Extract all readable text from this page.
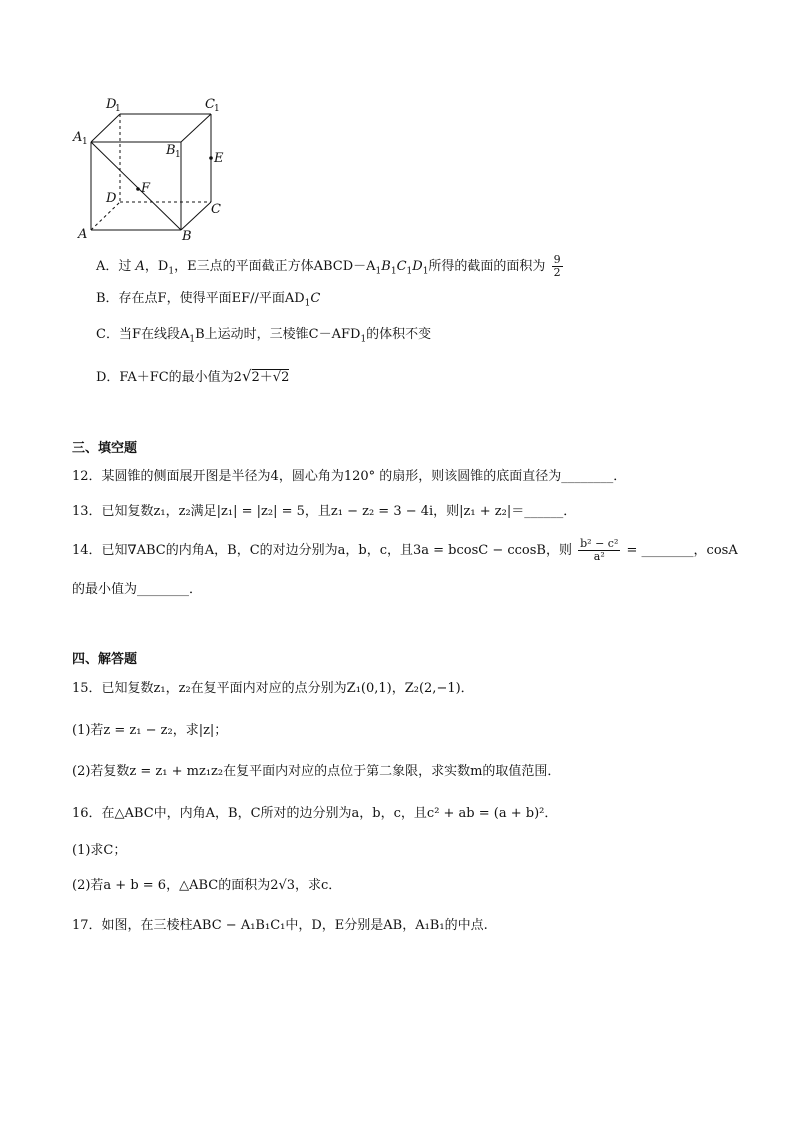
D
1	C 1
A 1
B 1	E
F
D
C
A	B
A．过 A，$D_1$，E三点的平面截正方体$ABCD-A_1B_1C_1D_1$所得的截面的面积为 $\frac{9}{2}$
B．存在点F，使得平面EF//平面$AD_1C$
C．当F在线段$A_1B$上运动时，三棱锥$C-AFD_1$的体积不变
D．FA＋FC的最小值为2√2＋√2
三、填空题
12．某圆锥的侧面展开图是半径为4，圆心角为120° 的扇形，则该圆锥的底面直径为________．
13．已知复数z₁，z₂满足|z₁| = |z₂| = 5，且z₁ − z₂ = 3 − 4i，则|z₁ + z₂|＝______．
14．已知∇ABC的内角A，B，C的对边分别为a，b，c，且3a = bcosC − ccosB，则 $\frac{\text{b² − c²}}{\text{a²}}$ = ________，cosA
的最小值为________．
四、解答题
15．已知复数z₁，z₂在复平面内对应的点分别为Z₁(0,1)，Z₂(2,−1)．
(1)若z = z₁ − z₂，求|z|；
(2)若复数z = z₁ + mz₁z₂在复平面内对应的点位于第二象限，求实数m的取值范围．
16．在△ABC中，内角A，B，C所对的边分别为a，b，c，且c² + ab = (a + b)²．
(1)求C；
(2)若a + b = 6，△ABC的面积为2√3，求c．
17．如图，在三棱柱ABC − A₁B₁C₁中，D，E分别是AB，A₁B₁的中点.
